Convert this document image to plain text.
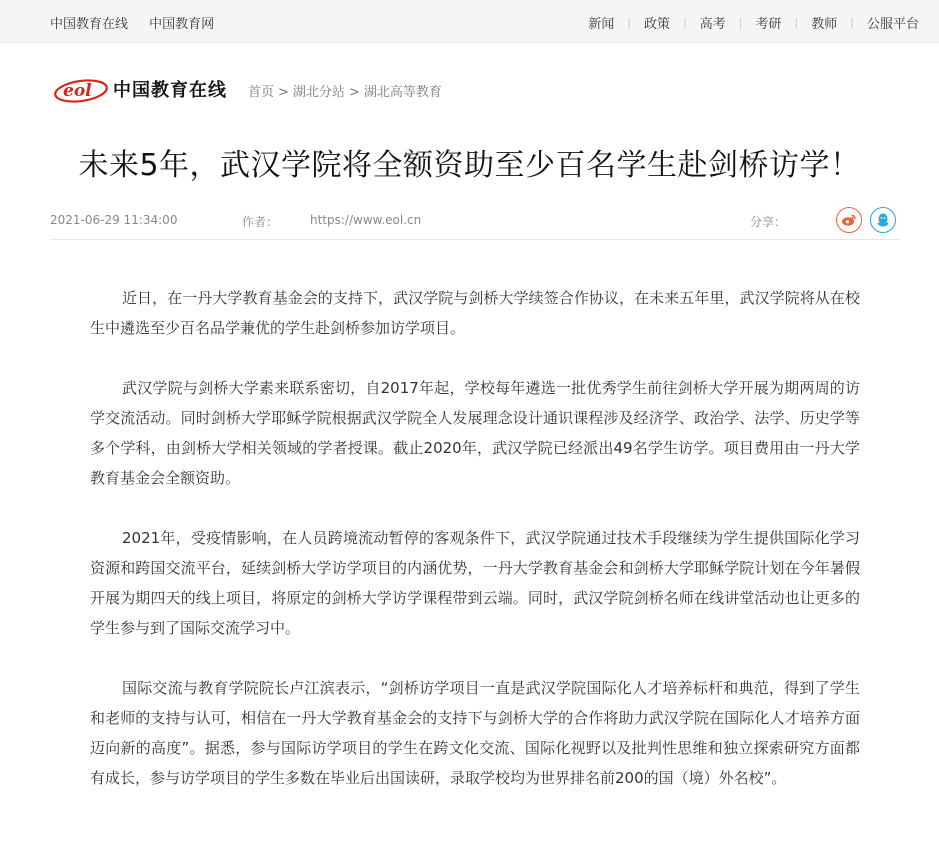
中国教育在线 中国教育网	新闻 | 政策 | 高考 | 考研 | 教师 | 公服平台
eol 中国教育在线 首页 > 湖北分站 > 湖北高等教育
未来5年，武汉学院将全额资助至少百名学生赴剑桥访学！
2021-06-29 11:34:00	作者：	https://www.eol.cn	分享：

近日，在一丹大学教育基金会的支持下，武汉学院与剑桥大学续签合作协议，在未来五年里，武汉学院将从在校生中遴选至少百名品学兼优的学生赴剑桥参加访学项目。

武汉学院与剑桥大学素来联系密切，自2017年起，学校每年遴选一批优秀学生前往剑桥大学开展为期两周的访学交流活动。同时剑桥大学耶稣学院根据武汉学院全人发展理念设计通识课程涉及经济学、政治学、法学、历史学等多个学科，由剑桥大学相关领域的学者授课。截止2020年，武汉学院已经派出49名学生访学。项目费用由一丹大学教育基金会全额资助。

2021年，受疫情影响，在人员跨境流动暂停的客观条件下，武汉学院通过技术手段继续为学生提供国际化学习资源和跨国交流平台，延续剑桥大学访学项目的内涵优势，一丹大学教育基金会和剑桥大学耶稣学院计划在今年暑假开展为期四天的线上项目，将原定的剑桥大学访学课程带到云端。同时，武汉学院剑桥名师在线讲堂活动也让更多的学生参与到了国际交流学习中。

国际交流与教育学院院长卢江滨表示，“剑桥访学项目一直是武汉学院国际化人才培养标杆和典范，得到了学生和老师的支持与认可，相信在一丹大学教育基金会的支持下与剑桥大学的合作将助力武汉学院在国际化人才培养方面迈向新的高度”。据悉，参与国际访学项目的学生在跨文化交流、国际化视野以及批判性思维和独立探索研究方面都有成长，参与访学项目的学生多数在毕业后出国读研，录取学校均为世界排名前200的国（境）外名校”。
